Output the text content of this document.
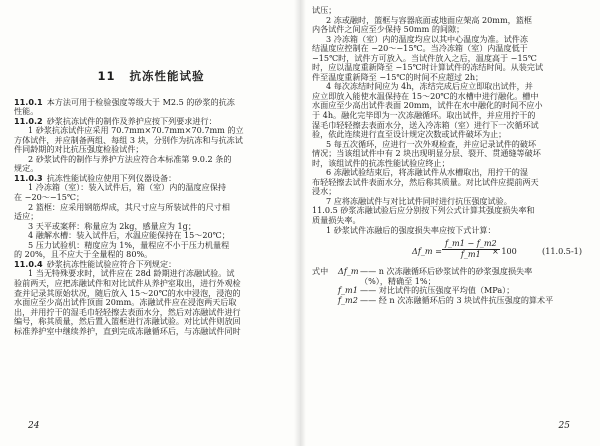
11 抗冻性能试验

11.0.1 本方法可用于检验强度等级大于 M2.5 的砂浆的抗冻

性能。

11.0.2 砂浆抗冻试件的制作及养护应按下列要求进行：

1 砂浆抗冻试件应采用 70.7mm×70.7mm×70.7mm 的立

方体试件，并应制备两组、每组 3 块，分别作为抗冻和与抗冻试

件同龄期的对比抗压强度检验试件；

2 砂浆试件的制作与养护方法应符合本标准第 9.0.2 条的

规定。

11.0.3 抗冻性能试验应使用下列仪器设备：

1 冷冻箱（室）：装入试件后，箱（室）内的温度应保持

在 −20～−15℃；

2 篮框：应采用钢筋焊成，其尺寸应与所装试件的尺寸相

适应；

3 天平或案秤：称量应为 2kg，感量应为 1g；

4 融解水槽：装入试件后，水温应能保持在 15～20℃；

5 压力试验机：精度应为 1%，量程应不小于压力机量程

的 20%，且不应大于全量程的 80%。

11.0.4 砂浆抗冻性能试验应符合下列规定：

1 当无特殊要求时，试件应在 28d 龄期进行冻融试验。试

验前两天，应把冻融试件和对比试件从养护室取出，进行外观检

查并记录其原始状况，随后放入 15～20℃的水中浸泡，浸泡的

水面应至少高出试件顶面 20mm。冻融试件应在浸泡两天后取

出，并用拧干的湿毛巾轻轻擦去表面水分，然后对冻融试件进行

编号，称其质量，然后置入篮框进行冻融试验。对比试件则放回

标准养护室中继续养护，直到完成冻融循环后，与冻融试件同时

24

试压；

2 冻或融时，篮框与容器底面或地面应架高 20mm，篮框

内各试件之间应至少保持 50mm 的间隙；

3 冷冻箱（室）内的温度均应以其中心温度为准。试件冻

结温度应控制在 −20～−15℃。当冷冻箱（室）内温度低于

−15℃时，试件方可放入。当试件放入之后，温度高于 −15℃

时，应以温度重新降至 −15℃时计算试件的冻结时间。从装完试

件至温度重新降至 −15℃的时间不应超过 2h；

4 每次冻结时间应为 4h，冻结完成后应立即取出试件，并

应立即放入能使水温保持在 15～20℃的水槽中进行融化。槽中

水面应至少高出试件表面 20mm，试件在水中融化的时间不应小

于 4h。融化完毕即为一次冻融循环。取出试件，并应用拧干的

湿毛巾轻轻擦去表面水分，送入冷冻箱（室）进行下一次循环试

验，依此连续进行直至设计规定次数或试件破坏为止；

5 每五次循环，应进行一次外观检查，并应记录试件的破坏

情况；当该组试件中有 2 块出现明显分层、裂开、贯通缝等破坏

时，该组试件的抗冻性能试验应终止；

6 冻融试验结束后，将冻融试件从水槽取出，用拧干的湿

布轻轻擦去试件表面水分，然后称其质量。对比试件应提前两天

浸水；

7 应将冻融试件与对比试件同时进行抗压强度试验。

11.0.5 砂浆冻融试验后应分别按下列公式计算其强度损失率和

质量损失率。

1 砂浆试件冻融后的强度损失率应按下式计算：

Δf_m = $\frac{f\_m1 - f\_m2}{f\_m1}$
× 100	(11.0.5-1)

式中 Δf_m—— n 次冻融循环后砂浆试件的砂浆强度损失率

（%），精确至 1%；

f_m1 —— 对比试件的抗压强度平均值（MPa）；

f_m2 —— 经 n 次冻融循环后的 3 块试件抗压强度的算术平

25
